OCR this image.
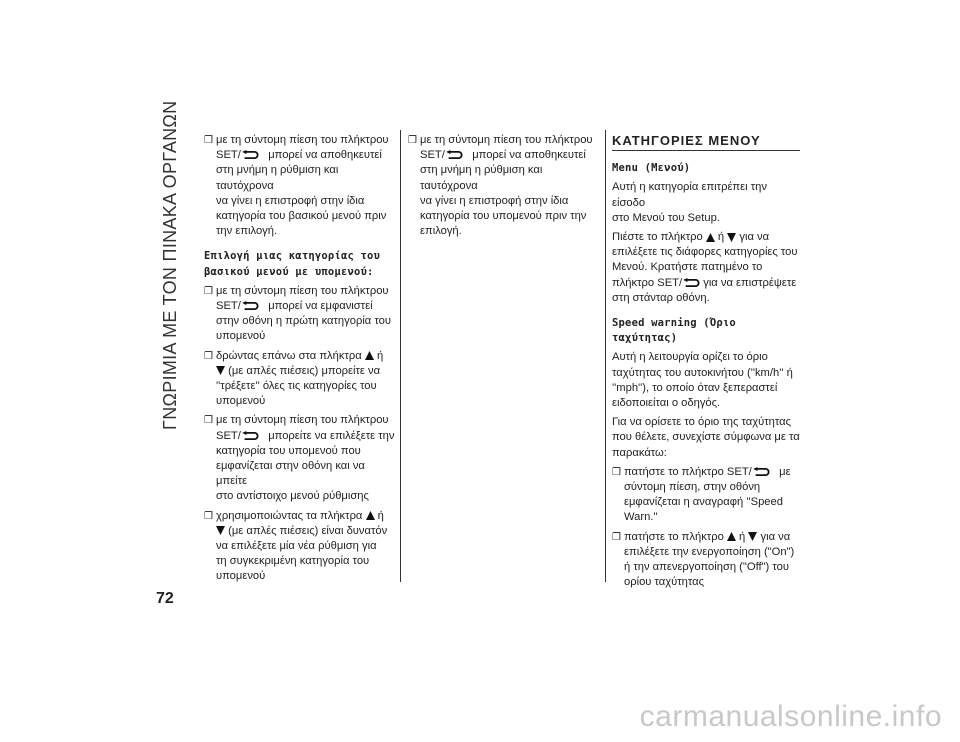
ΓΝΩΡΙΜΙΑ ΜΕ ΤΟΝ ΠΙΝΑΚΑ ΟΡΓΑΝΩΝ
72
❒ με τη σύντομη πίεση του πλήκτρου
SET/ μπορεί να αποθηκευτεί
στη μνήμη η ρύθμιση και ταυτόχρονα
να γίνει η επιστροφή στην ίδια
κατηγορία του βασικού μενού πριν
την επιλογή.
Επιλογή μιας κατηγορίας του
βασικού μενού με υπομενού:
❒ με τη σύντομη πίεση του πλήκτρου
SET/ μπορεί να εμφανιστεί
στην οθόνη η πρώτη κατηγορία του
υπομενού
❒ δρώντας επάνω στα πλήκτρα ή
(με απλές πιέσεις) μπορείτε να
''τρέξετε'' όλες τις κατηγορίες του
υπομενού
❒ με τη σύντομη πίεση του πλήκτρου
SET/ μπορείτε να επιλέξετε την
κατηγορία του υπομενού που
εμφανίζεται στην οθόνη και να μπείτε
στο αντίστοιχο μενού ρύθμισης
❒ χρησιμοποιώντας τα πλήκτρα ή
(με απλές πιέσεις) είναι δυνατόν
να επιλέξετε μία νέα ρύθμιση για
τη συγκεκριμένη κατηγορία του
υπομενού
❒ με τη σύντομη πίεση του πλήκτρου
SET/ μπορεί να αποθηκευτεί
στη μνήμη η ρύθμιση και ταυτόχρονα
να γίνει η επιστροφή στην ίδια
κατηγορία του υπομενού πριν την
επιλογή.
ΚΑΤΗΓΟΡΙΕΣ ΜΕΝΟΥ
Menu (Μενού)

Αυτή η κατηγορία επιτρέπει την είσοδο
στο Μενού του Setup.

Πιέστε το πλήκτρο ή για να
επιλέξετε τις διάφορες κατηγορίες του
Μενού. Κρατήστε πατημένο το
πλήκτρο SET/ για να επιστρέψετε
στη στάνταρ οθόνη.

Speed warning (Όριο ταχύτητας)

Αυτή η λειτουργία ορίζει το όριο
ταχύτητας του αυτοκινήτου (''km/h'' ή
''mph''), το οποίο όταν ξεπεραστεί
ειδοποιείται ο οδηγός.

Για να ορίσετε το όριο της ταχύτητας
που θέλετε, συνεχίστε σύμφωνα με τα
παρακάτω:

❒ πατήστε το πλήκτρο SET/ με
σύντομη πίεση, στην οθόνη
εμφανίζεται η αναγραφή ''Speed
Warn.''
❒ πατήστε το πλήκτρο ή για να
επιλέξετε την ενεργοποίηση ("On")
ή την απενεργοποίηση ("Off") του
ορίου ταχύτητας
carmanualsonline.info
